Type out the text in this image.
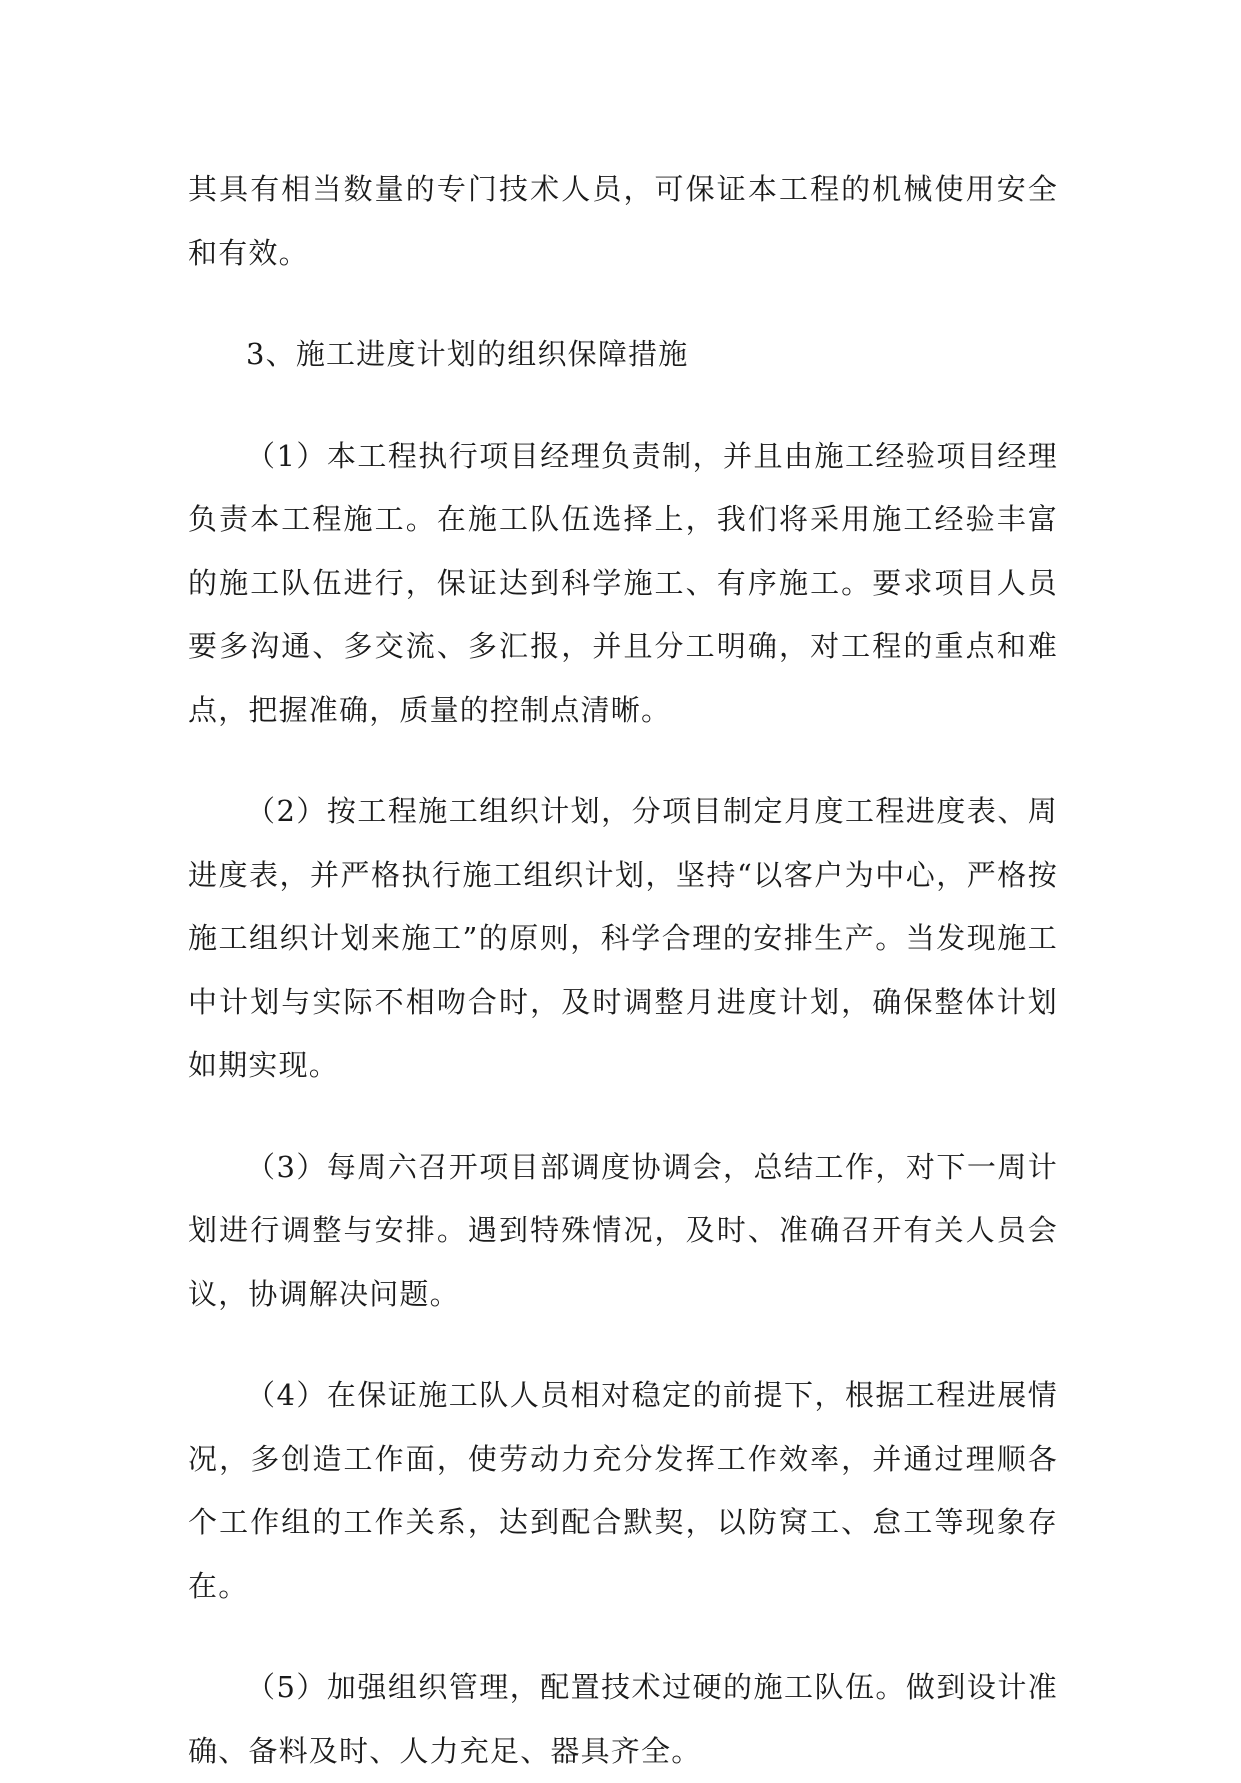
其具有相当数量的专门技术人员，可保证本工程的机械使用安全和有效。

3、施工进度计划的组织保障措施

（1）本工程执行项目经理负责制，并且由施工经验项目经理负责本工程施工。在施工队伍选择上，我们将采用施工经验丰富的施工队伍进行，保证达到科学施工、有序施工。要求项目人员要多沟通、多交流、多汇报，并且分工明确，对工程的重点和难点，把握准确，质量的控制点清晰。

（2）按工程施工组织计划，分项目制定月度工程进度表、周进度表，并严格执行施工组织计划，坚持“以客户为中心，严格按施工组织计划来施工”的原则，科学合理的安排生产。当发现施工中计划与实际不相吻合时，及时调整月进度计划，确保整体计划如期实现。

（3）每周六召开项目部调度协调会，总结工作，对下一周计划进行调整与安排。遇到特殊情况，及时、准确召开有关人员会议，协调解决问题。

（4）在保证施工队人员相对稳定的前提下，根据工程进展情况，多创造工作面，使劳动力充分发挥工作效率，并通过理顺各个工作组的工作关系，达到配合默契，以防窝工、怠工等现象存在。

（5）加强组织管理，配置技术过硬的施工队伍。做到设计准确、备料及时、人力充足、器具齐全。
